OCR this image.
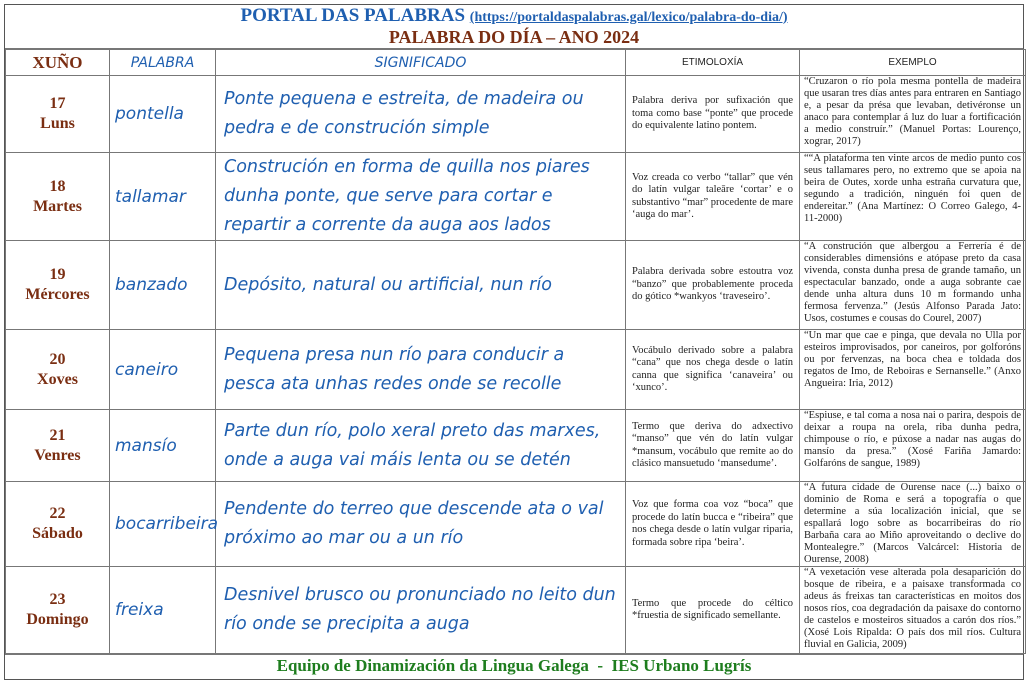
PORTAL DAS PALABRAS (https://portaldaspalabras.gal/lexico/palabra-do-dia/)
PALABRA DO DÍA – ANO 2024
XUÑO	PALABRA	SIGNIFICADO	ETIMOLOXÍA	EXEMPLO
17
Luns	pontella	Ponte pequena e estreita, de madeira ou pedra e de construción simple	Palabra deriva por sufixación que toma como base “ponte” que procede do equivalente latino pontem.	“Cruzaron o río pola mesma pontella de madeira que usaran tres días antes para entraren en Santiago e, a pesar da présa que levaban, detivéronse un anaco para contemplar á luz do luar a fortificación a medio construír.” (Manuel Portas: Lourenço, xograr, 2017)
18
Martes	tallamar	Construción en forma de quilla nos piares dunha ponte, que serve para cortar e repartir a corrente da auga aos lados	Voz creada co verbo “tallar” que vén do latín vulgar taleāre ‘cortar’ e o substantivo “mar” procedente de mare ‘auga do mar’.	““A plataforma ten vinte arcos de medio punto cos seus tallamares pero, no extremo que se apoia na beira de Outes, xorde unha estraña curvatura que, segundo a tradición, ninguén foi quen de endereitar.” (Ana Martínez: O Correo Galego, 4-11-2000)
19
Mércores	banzado	Depósito, natural ou artificial, nun río	Palabra derivada sobre estoutra voz “banzo” que probablemente proceda do gótico *wankyos ‘traveseiro’.	“A construción que albergou a Ferrería é de considerables dimensións e atópase preto da casa vivenda, consta dunha presa de grande tamaño, un espectacular banzado, onde a auga sobrante cae dende unha altura duns 10 m formando unha fermosa fervenza.” (Jesús Alfonso Parada Jato: Usos, costumes e cousas do Courel, 2007)
20
Xoves	caneiro	Pequena presa nun río para conducir a pesca ata unhas redes onde se recolle	Vocábulo derivado sobre a palabra “cana” que nos chega desde o latín canna que significa ‘canaveira’ ou ‘xunco’.	“Un mar que cae e pinga, que devala no Ulla por esteiros improvisados, por caneiros, por golforóns ou por fervenzas, na boca chea e toldada dos regatos de Imo, de Reboiras e Sernanselle.” (Anxo Angueira: Iria, 2012)
21
Venres	mansío	Parte dun río, polo xeral preto das marxes, onde a auga vai máis lenta ou se detén	Termo que deriva do adxectivo “manso” que vén do latín vulgar *mansum, vocábulo que remite ao do clásico mansuetudo ‘mansedume’.	“Espiuse, e tal coma a nosa nai o parira, despois de deixar a roupa na orela, riba dunha pedra, chimpouse o río, e púxose a nadar nas augas do mansío da presa.” (Xosé Fariña Jamardo: Golfaróns de sangue, 1989)
22
Sábado	bocarribeira	Pendente do terreo que descende ata o val próximo ao mar ou a un río	Voz que forma coa voz “boca” que procede do latín bucca e “ribeira” que nos chega desde o latín vulgar riparia, formada sobre ripa ‘beira’.	“A futura cidade de Ourense nace (...) baixo o dominio de Roma e será a topografía o que determine a súa localización inicial, que se espallará logo sobre as bocarribeiras do río Barbaña cara ao Miño aproveitando o declive do Montealegre.” (Marcos Valcárcel: Historia de Ourense, 2008)
23
Domingo	freixa	Desnivel brusco ou pronunciado no leito dun río onde se precipita a auga	Termo que procede do céltico *fruestia de significado semellante.	“A vexetación vese alterada pola desaparición do bosque de ribeira, e a paisaxe transformada co adeus ás freixas tan características en moitos dos nosos ríos, coa degradación da paisaxe do contorno de castelos e mosteiros situados a carón dos ríos.” (Xosé Lois Ripalda: O país dos mil ríos. Cultura fluvial en Galicia, 2009)
Equipo de Dinamización da Lingua Galega  -  IES Urbano Lugrís
